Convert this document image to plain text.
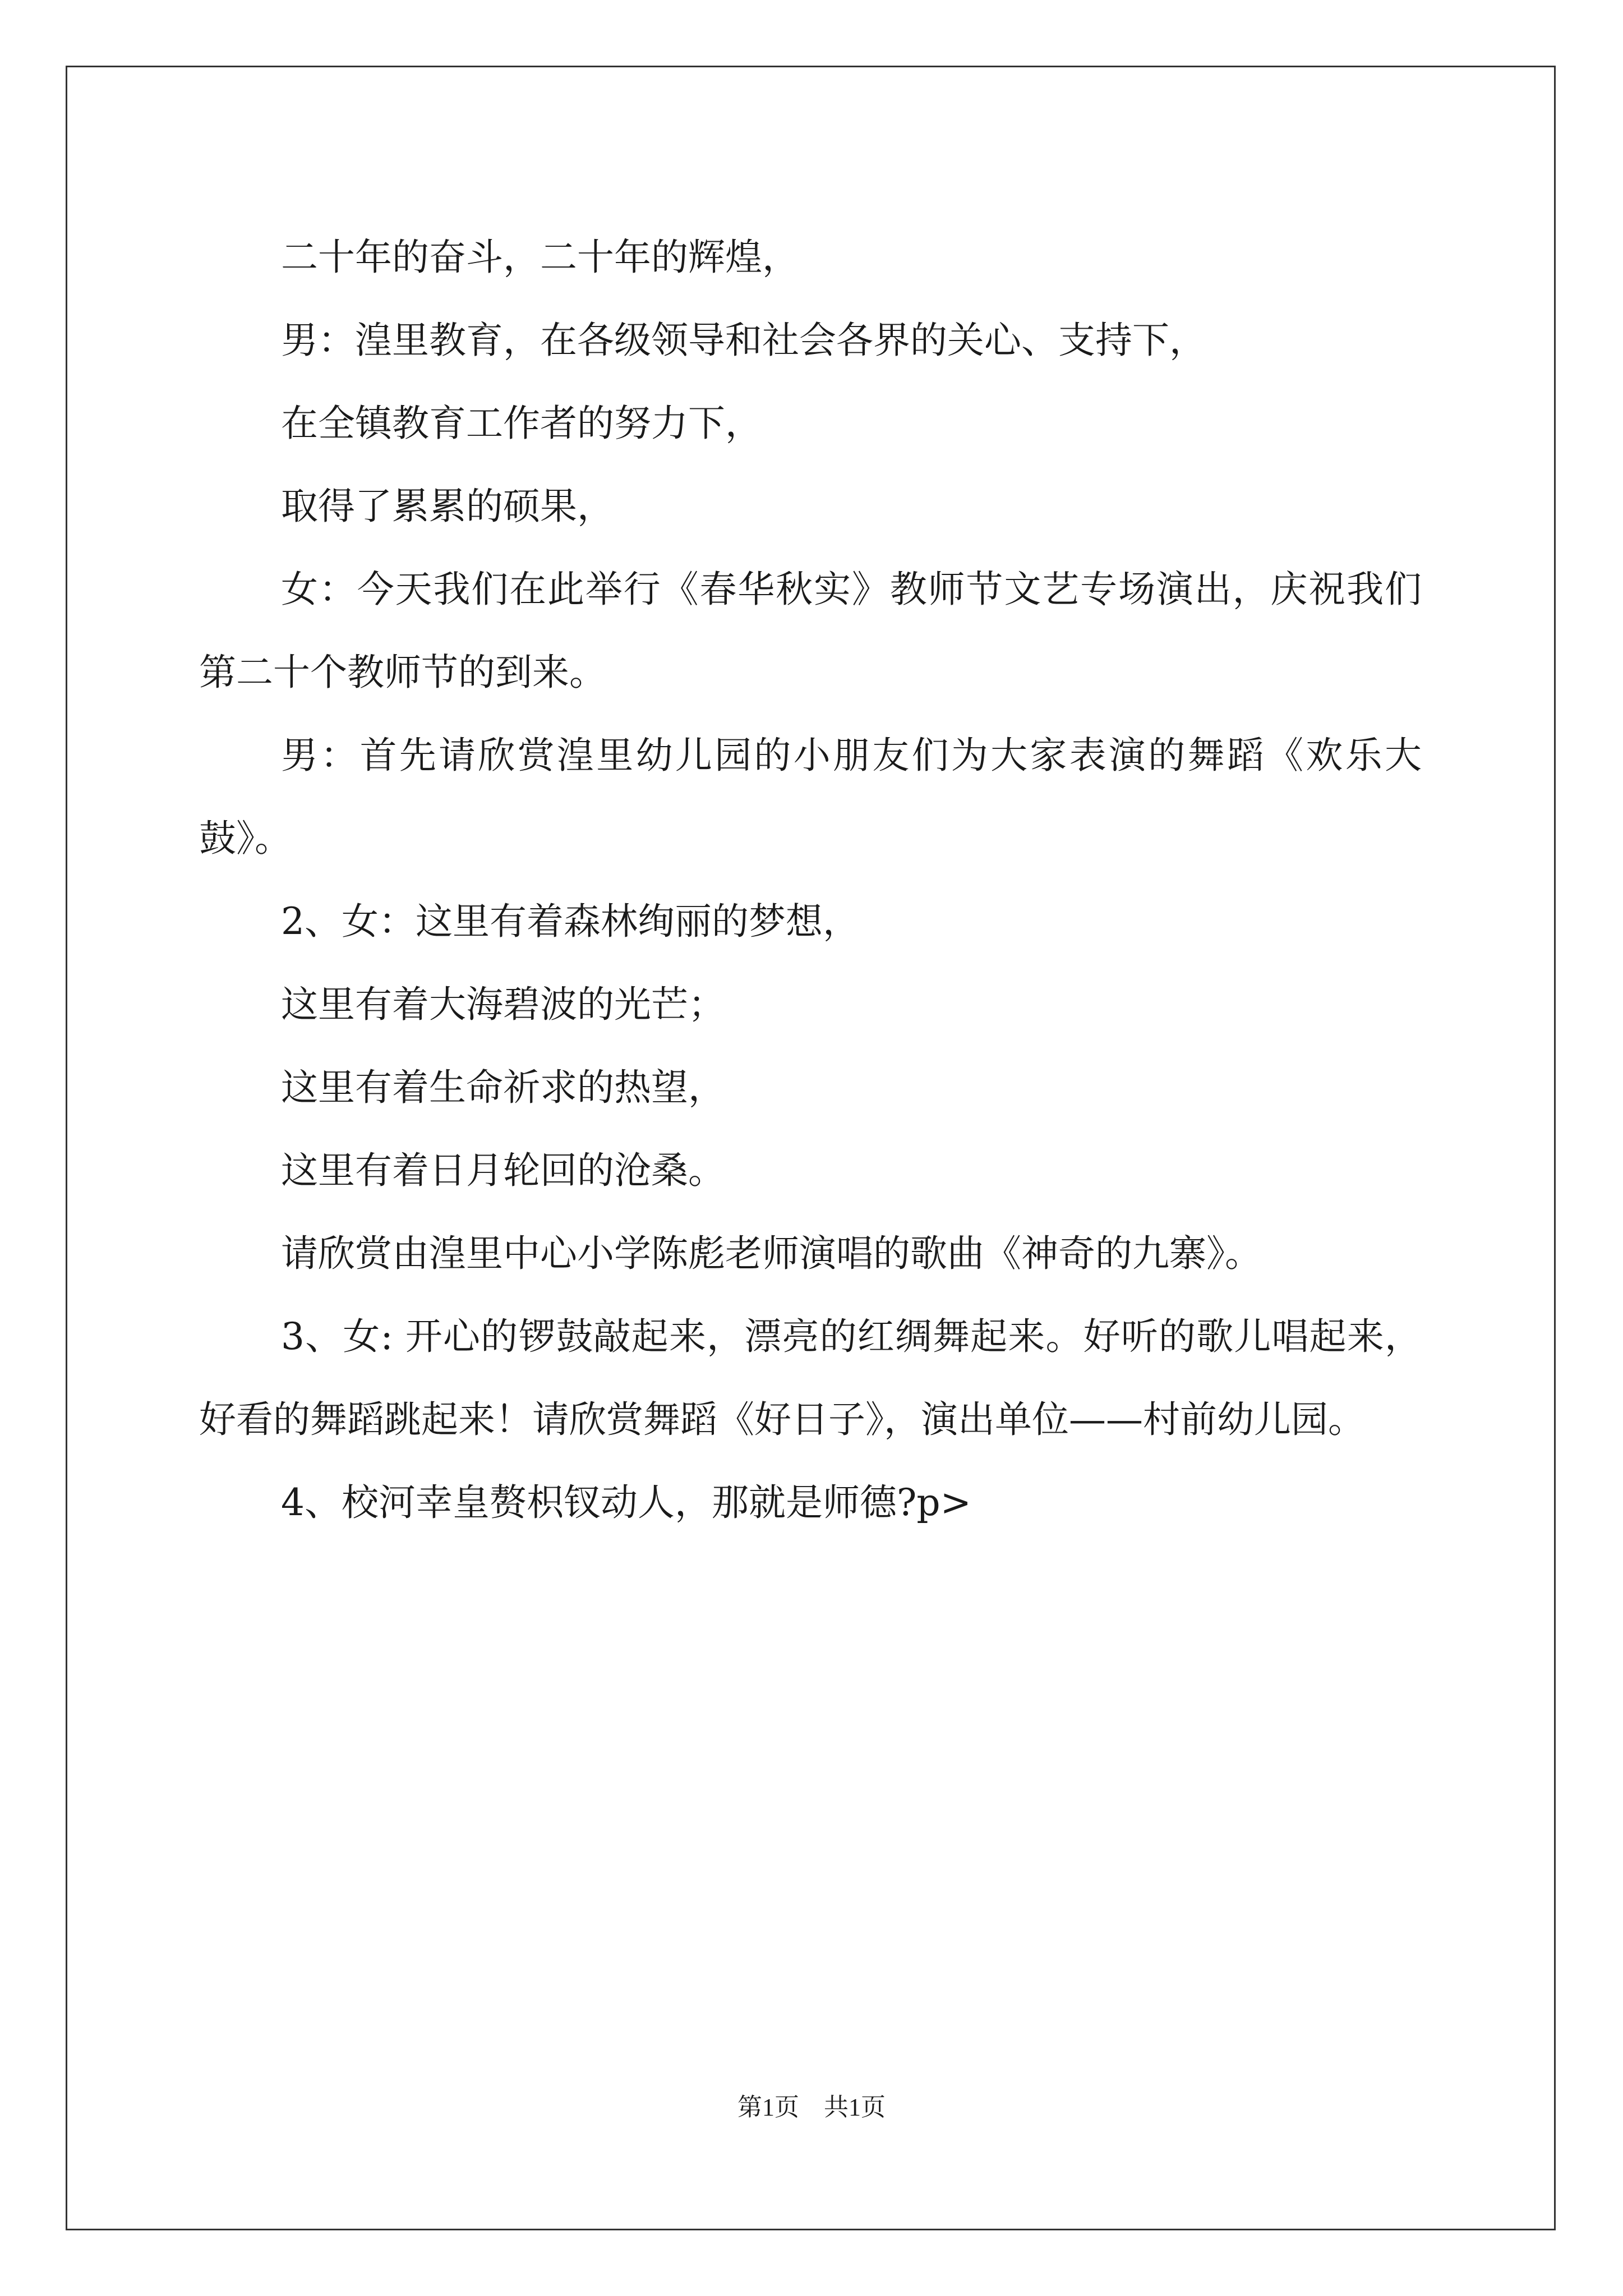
二十年的奋斗，二十年的辉煌，

男：湟里教育，在各级领导和社会各界的关心、支持下，

在全镇教育工作者的努力下，

取得了累累的硕果，

女：今天我们在此举行《春华秋实》教师节文艺专场演出，庆祝我们第二十个教师节的到来。

男：首先请欣赏湟里幼儿园的小朋友们为大家表演的舞蹈《欢乐大鼓》。

2、女：这里有着森林绚丽的梦想，

这里有着大海碧波的光芒；

这里有着生命祈求的热望，

这里有着日月轮回的沧桑。

请欣赏由湟里中心小学陈彪老师演唱的歌曲《神奇的九寨》。

3、女: 开心的锣鼓敲起来，漂亮的红绸舞起来。好听的歌儿唱起来，好看的舞蹈跳起来！请欣赏舞蹈《好日子》，演出单位——村前幼儿园。

4、校河幸皇赘枳钗动人，那就是师德?p>

第1页　共1页
